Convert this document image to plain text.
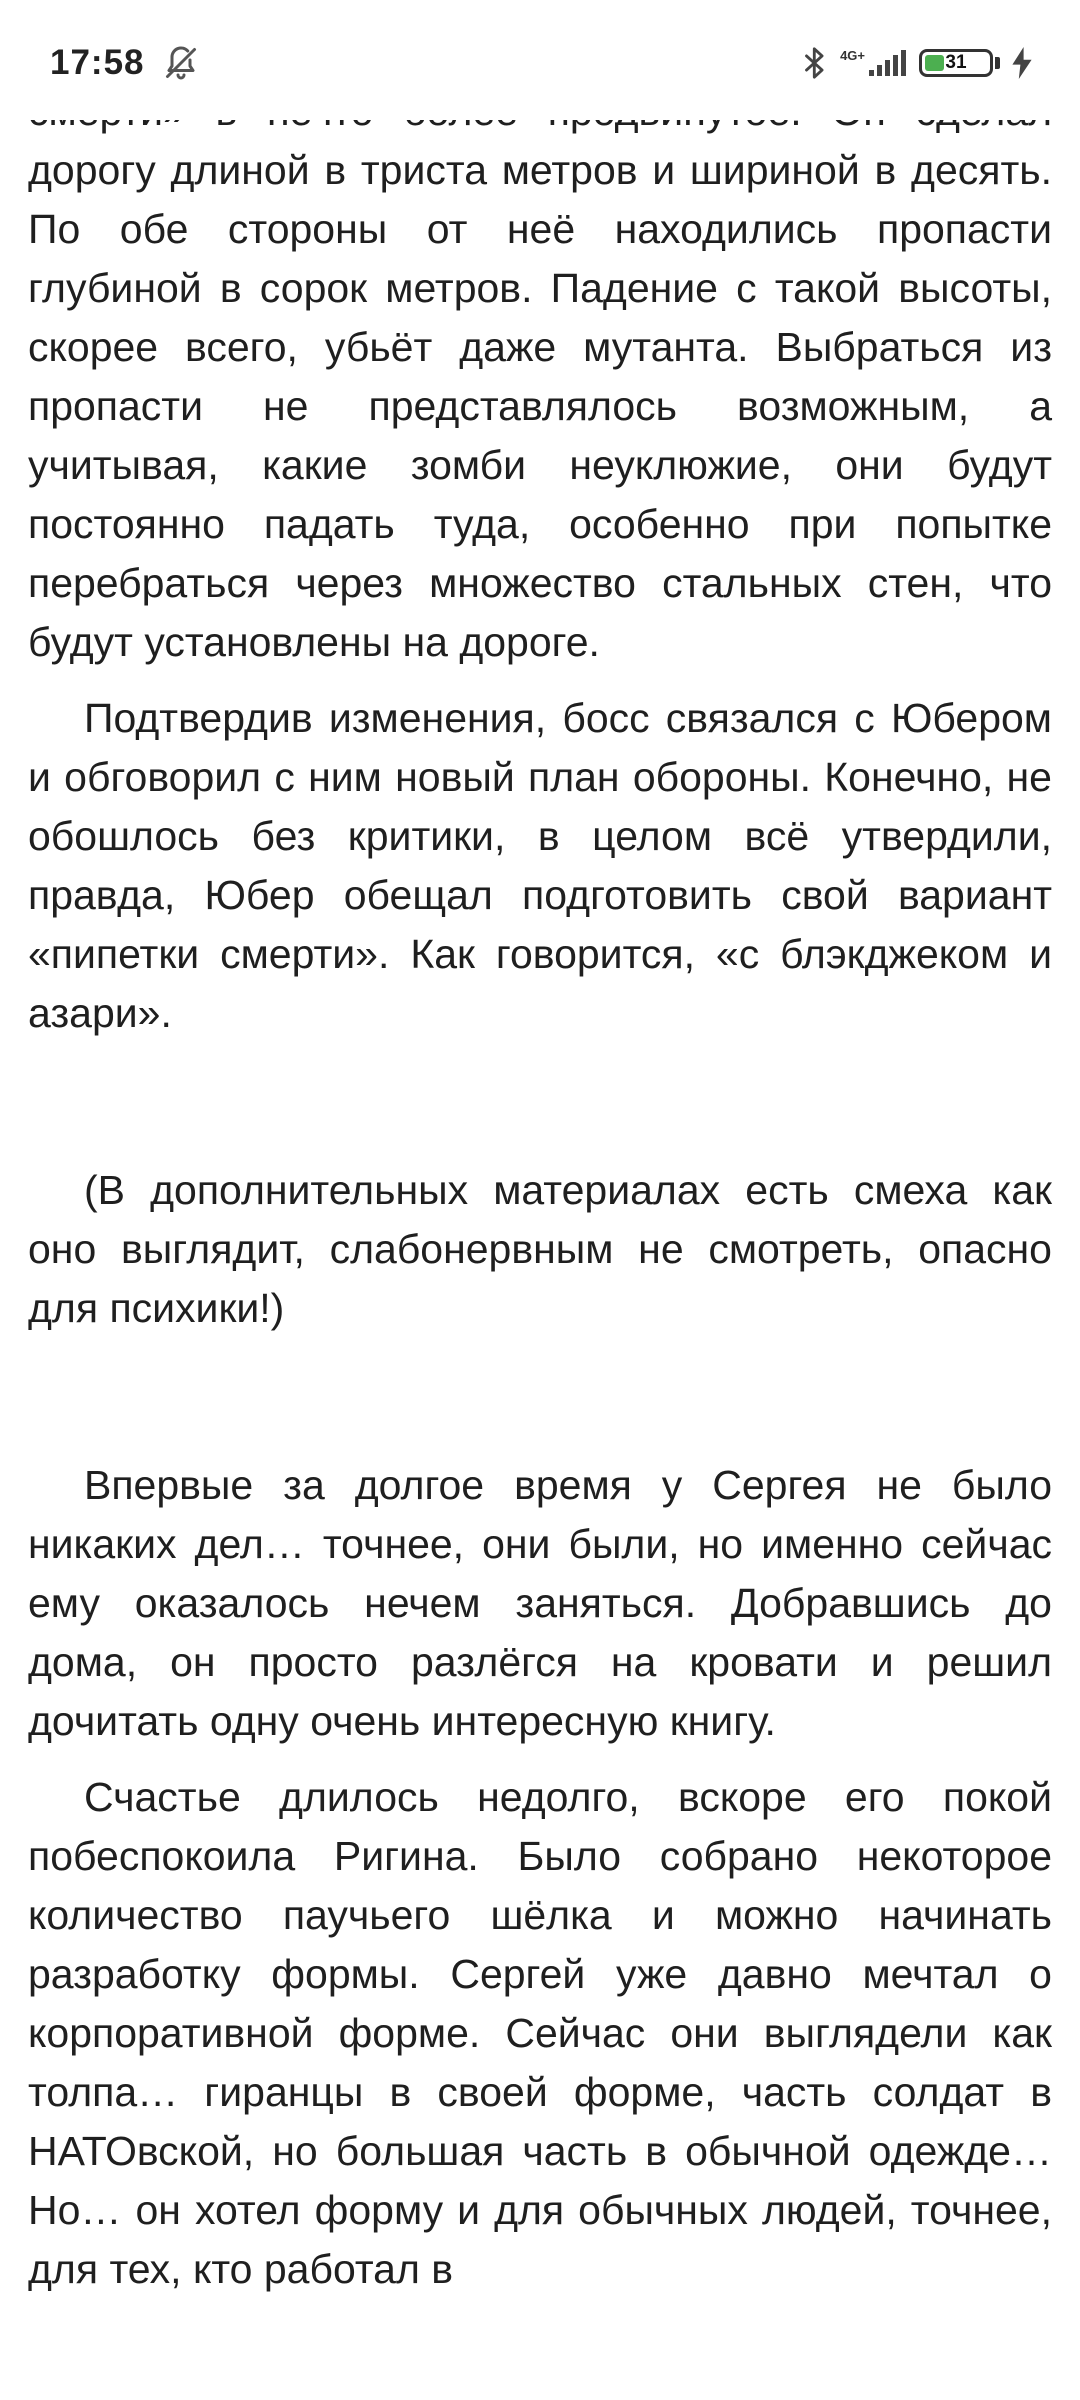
17:58	4G+	31

дорогу длиной в триста метров и шириной в десять. По обе стороны от неё находились пропасти глубиной в сорок метров. Падение с такой высоты, скорее всего, убьёт даже мутанта. Выбраться из пропасти не представлялось возможным, а учитывая, какие зомби неуклюжие, они будут постоянно падать туда, особенно при попытке перебраться через множество стальных стен, что будут установлены на дороге.

Подтвердив изменения, босс связался с Юбером и обговорил с ним новый план обороны. Конечно, не обошлось без критики, в целом всё утвердили, правда, Юбер обещал подготовить свой вариант «пипетки смерти». Как говорится, «с блэкджеком и азари».

(В дополнительных материалах есть смеха как оно выглядит, слабонервным не смотреть, опасно для психики!)

Впервые за долгое время у Сергея не было никаких дел… точнее, они были, но именно сейчас ему оказалось нечем заняться. Добравшись до дома, он просто разлёгся на кровати и решил дочитать одну очень интересную книгу.

Счастье длилось недолго, вскоре его покой побеспокоила Ригина. Было собрано некоторое количество паучьего шёлка и можно начинать разработку формы. Сергей уже давно мечтал о корпоративной форме. Сейчас они выглядели как толпа… гиранцы в своей форме, часть солдат в НАТОвской, но большая часть в обычной одежде… Но… он хотел форму и для обычных людей, точнее, для тех, кто работал в
